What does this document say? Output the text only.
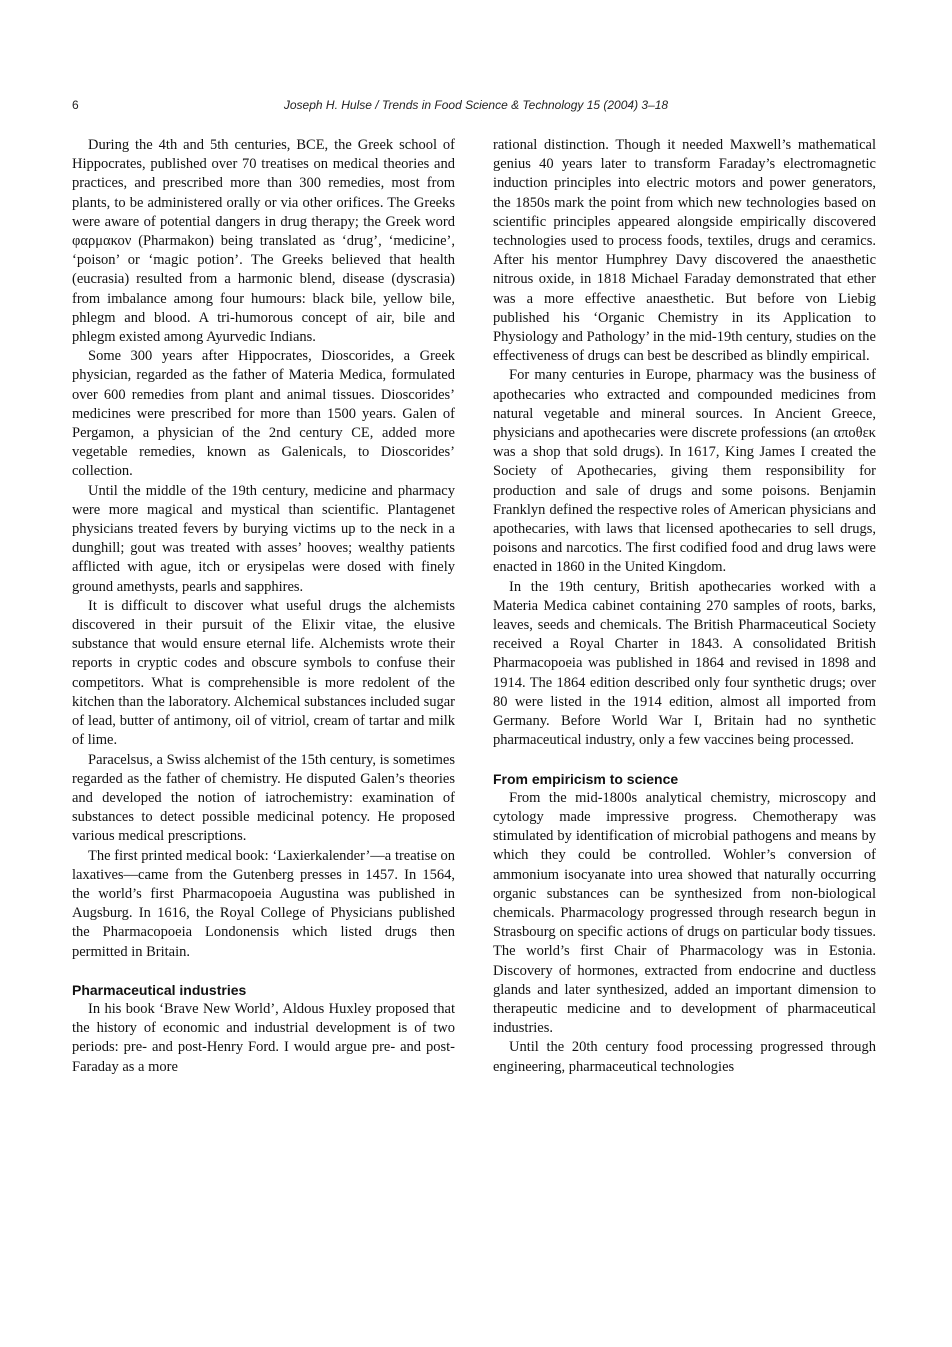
6	Joseph H. Hulse / Trends in Food Science & Technology 15 (2004) 3–18

During the 4th and 5th centuries, BCE, the Greek school of Hippocrates, published over 70 treatises on medical theories and practices, and prescribed more than 300 remedies, most from plants, to be administered orally or via other orifices. The Greeks were aware of potential dangers in drug therapy; the Greek word φαρμακον (Pharmakon) being translated as ‘drug’, ‘medicine’, ‘poison’ or ‘magic potion’. The Greeks believed that health (eucrasia) resulted from a harmonic blend, disease (dyscrasia) from imbalance among four humours: black bile, yellow bile, phlegm and blood. A tri-humorous concept of air, bile and phlegm existed among Ayurvedic Indians.

Some 300 years after Hippocrates, Dioscorides, a Greek physician, regarded as the father of Materia Medica, formulated over 600 remedies from plant and animal tissues. Dioscorides’ medicines were prescribed for more than 1500 years. Galen of Pergamon, a physician of the 2nd century CE, added more vegetable remedies, known as Galenicals, to Dioscorides’ collection.

Until the middle of the 19th century, medicine and pharmacy were more magical and mystical than scientific. Plantagenet physicians treated fevers by burying victims up to the neck in a dunghill; gout was treated with asses’ hooves; wealthy patients afflicted with ague, itch or erysipelas were dosed with finely ground amethysts, pearls and sapphires.

It is difficult to discover what useful drugs the alchemists discovered in their pursuit of the Elixir vitae, the elusive substance that would ensure eternal life. Alchemists wrote their reports in cryptic codes and obscure symbols to confuse their competitors. What is comprehensible is more redolent of the kitchen than the laboratory. Alchemical substances included sugar of lead, butter of antimony, oil of vitriol, cream of tartar and milk of lime.

Paracelsus, a Swiss alchemist of the 15th century, is sometimes regarded as the father of chemistry. He disputed Galen’s theories and developed the notion of iatrochemistry: examination of substances to detect possible medicinal potency. He proposed various medical prescriptions.

The first printed medical book: ‘Laxierkalender’—a treatise on laxatives—came from the Gutenberg presses in 1457. In 1564, the world’s first Pharmacopoeia Augustina was published in Augsburg. In 1616, the Royal College of Physicians published the Pharmacopoeia Londonensis which listed drugs then permitted in Britain.

Pharmaceutical industries

In his book ‘Brave New World’, Aldous Huxley proposed that the history of economic and industrial development is of two periods: pre- and post-Henry Ford. I would argue pre- and post-Faraday as a more

rational distinction. Though it needed Maxwell’s mathematical genius 40 years later to transform Faraday’s electromagnetic induction principles into electric motors and power generators, the 1850s mark the point from which new technologies based on scientific principles appeared alongside empirically discovered technologies used to process foods, textiles, drugs and ceramics. After his mentor Humphrey Davy discovered the anaesthetic nitrous oxide, in 1818 Michael Faraday demonstrated that ether was a more effective anaesthetic. But before von Liebig published his ‘Organic Chemistry in its Application to Physiology and Pathology’ in the mid-19th century, studies on the effectiveness of drugs can best be described as blindly empirical.

For many centuries in Europe, pharmacy was the business of apothecaries who extracted and compounded medicines from natural vegetable and mineral sources. In Ancient Greece, physicians and apothecaries were discrete professions (an αποθεκ was a shop that sold drugs). In 1617, King James I created the Society of Apothecaries, giving them responsibility for production and sale of drugs and some poisons. Benjamin Franklyn defined the respective roles of American physicians and apothecaries, with laws that licensed apothecaries to sell drugs, poisons and narcotics. The first codified food and drug laws were enacted in 1860 in the United Kingdom.

In the 19th century, British apothecaries worked with a Materia Medica cabinet containing 270 samples of roots, barks, leaves, seeds and chemicals. The British Pharmaceutical Society received a Royal Charter in 1843. A consolidated British Pharmacopoeia was published in 1864 and revised in 1898 and 1914. The 1864 edition described only four synthetic drugs; over 80 were listed in the 1914 edition, almost all imported from Germany. Before World War I, Britain had no synthetic pharmaceutical industry, only a few vaccines being processed.

From empiricism to science

From the mid-1800s analytical chemistry, microscopy and cytology made impressive progress. Chemotherapy was stimulated by identification of microbial pathogens and means by which they could be controlled. Wohler’s conversion of ammonium isocyanate into urea showed that naturally occurring organic substances can be synthesized from non-biological chemicals. Pharmacology progressed through research begun in Strasbourg on specific actions of drugs on particular body tissues. The world’s first Chair of Pharmacology was in Estonia. Discovery of hormones, extracted from endocrine and ductless glands and later synthesized, added an important dimension to therapeutic medicine and to development of pharmaceutical industries.

Until the 20th century food processing progressed through engineering, pharmaceutical technologies
